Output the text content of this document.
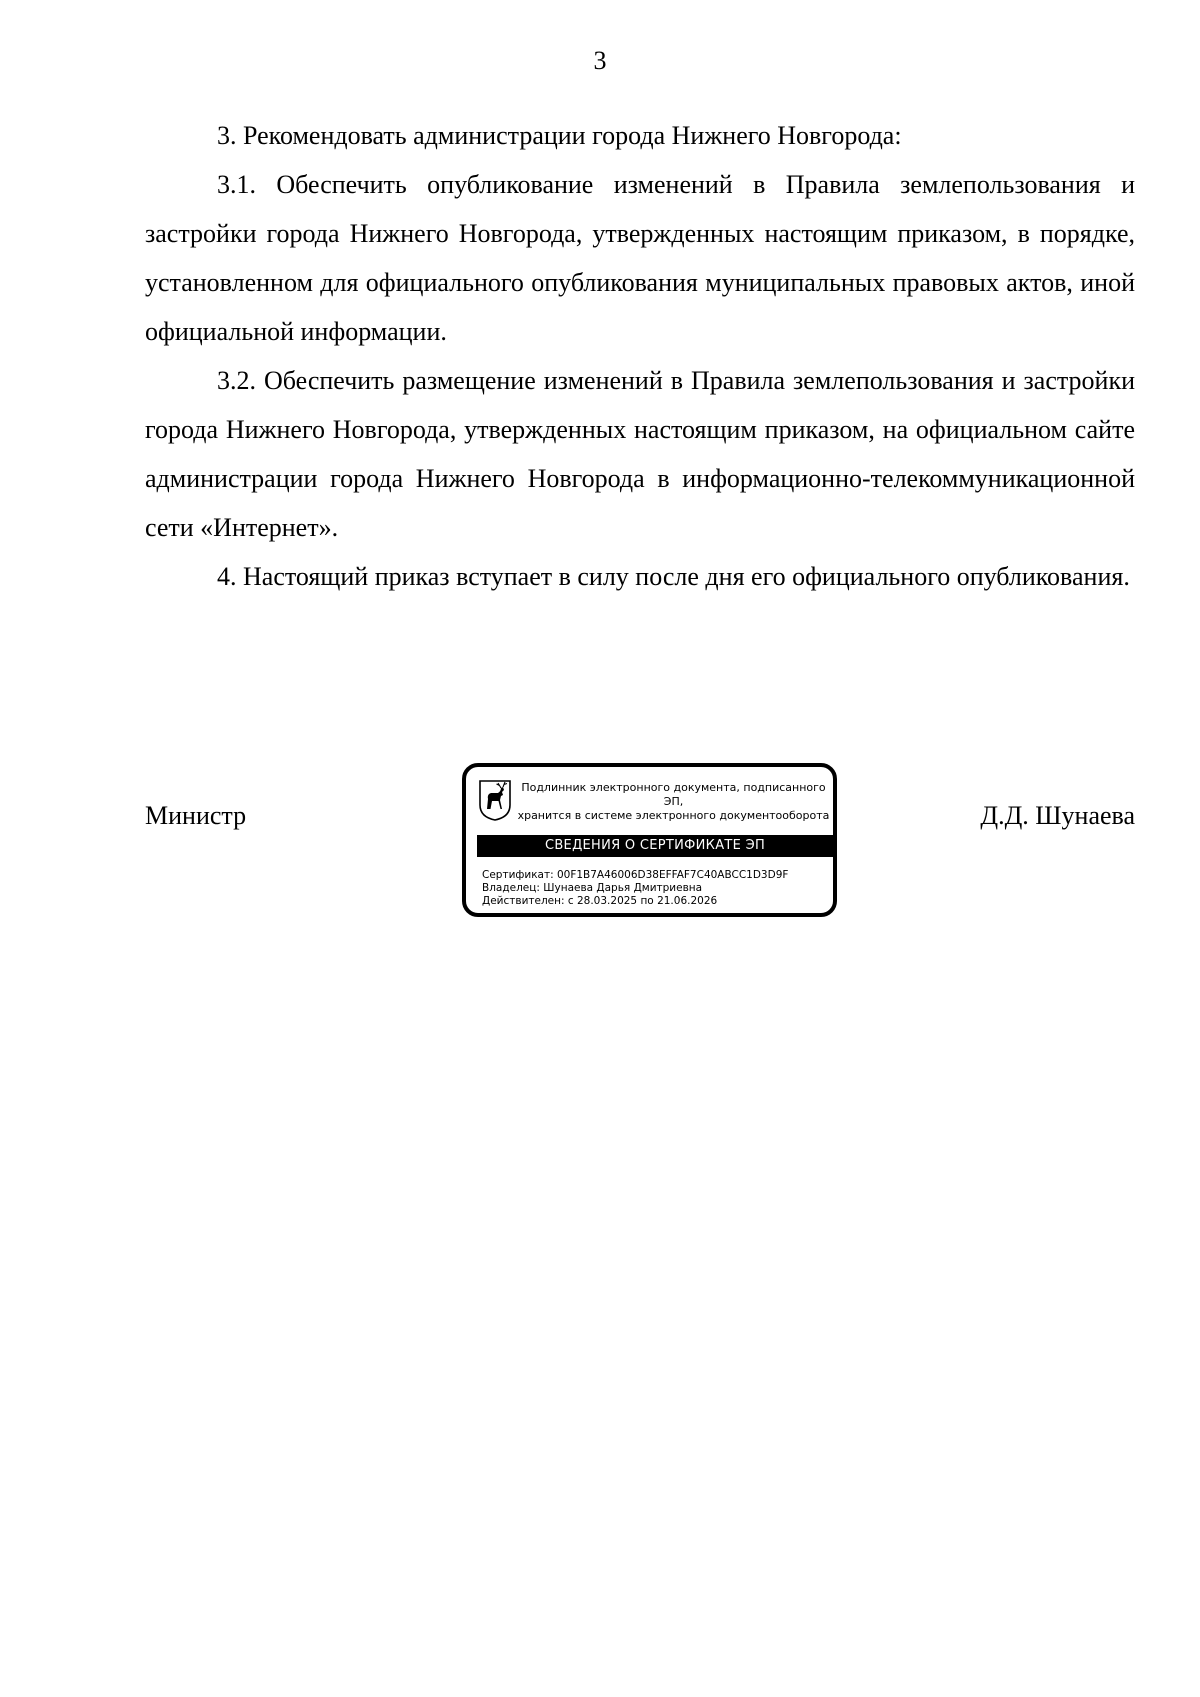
3

3. Рекомендовать администрации города Нижнего Новгорода:

3.1. Обеспечить опубликование изменений в Правила землепользования и застройки города Нижнего Новгорода, утвержденных настоящим приказом, в порядке, установленном для официального опубликования муниципальных правовых актов, иной официальной информации.

3.2. Обеспечить размещение изменений в Правила землепользования и застройки города Нижнего Новгорода, утвержденных настоящим приказом, на официальном сайте администрации города Нижнего Новгорода в информационно-телекоммуникационной сети «Интернет».

4. Настоящий приказ вступает в силу после дня его официального опубликования.

Министр
Подлинник электронного документа, подписанного ЭП,
хранится в системе электронного документооборота
СВЕДЕНИЯ О СЕРТИФИКАТЕ ЭП
Сертификат: 00F1B7A46006D38EFFAF7C40ABCC1D3D9F
Владелец: Шунаева Дарья Дмитриевна
Действителен: с 28.03.2025 по 21.06.2026
Д.Д. Шунаева
